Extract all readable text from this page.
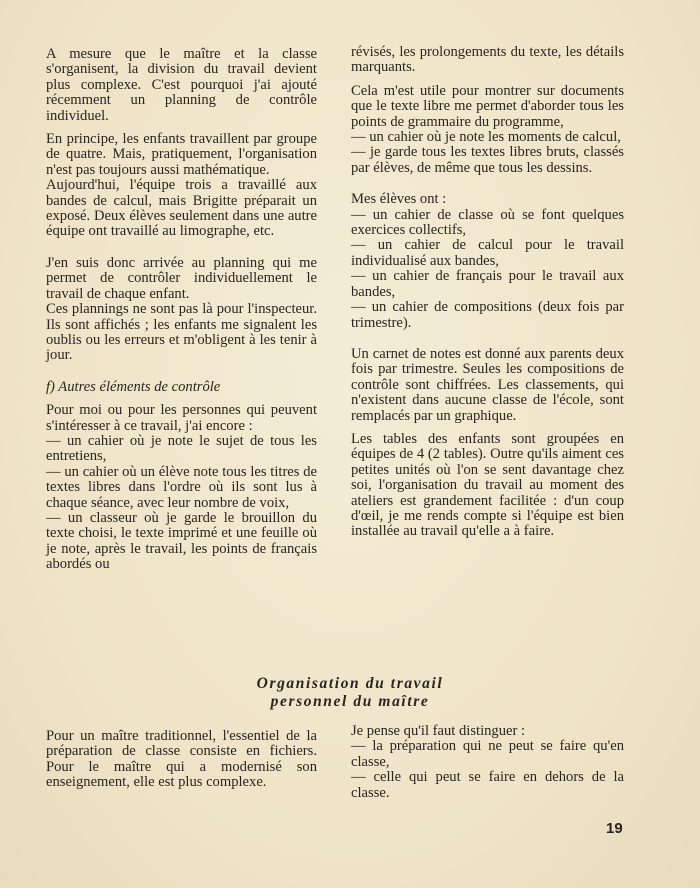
A mesure que le maître et la classe s'organisent, la division du travail devient plus complexe. C'est pourquoi j'ai ajouté récemment un planning de contrôle individuel.

En principe, les enfants travaillent par groupe de quatre. Mais, pratiquement, l'organisation n'est pas toujours aussi mathématique.

Aujourd'hui, l'équipe trois a travaillé aux bandes de calcul, mais Brigitte préparait un exposé. Deux élèves seulement dans une autre équipe ont travaillé au limographe, etc.

J'en suis donc arrivée au planning qui me permet de contrôler individuellement le travail de chaque enfant.

Ces plannings ne sont pas là pour l'inspecteur. Ils sont affichés ; les enfants me signalent les oublis ou les erreurs et m'obligent à les tenir à jour.

f) Autres éléments de contrôle

Pour moi ou pour les personnes qui peuvent s'intéresser à ce travail, j'ai encore :

— un cahier où je note le sujet de tous les entretiens,

— un cahier où un élève note tous les titres de textes libres dans l'ordre où ils sont lus à chaque séance, avec leur nombre de voix,

— un classeur où je garde le brouillon du texte choisi, le texte imprimé et une feuille où je note, après le travail, les points de français abordés ou

révisés, les prolongements du texte, les détails marquants.

Cela m'est utile pour montrer sur documents que le texte libre me permet d'aborder tous les points de grammaire du programme,

— un cahier où je note les moments de calcul,

— je garde tous les textes libres bruts, classés par élèves, de même que tous les dessins.

Mes élèves ont :

— un cahier de classe où se font quelques exercices collectifs,

— un cahier de calcul pour le travail individualisé aux bandes,

— un cahier de français pour le travail aux bandes,

— un cahier de compositions (deux fois par trimestre).

Un carnet de notes est donné aux parents deux fois par trimestre. Seules les compositions de contrôle sont chiffrées. Les classements, qui n'existent dans aucune classe de l'école, sont remplacés par un graphique.

Les tables des enfants sont groupées en équipes de 4 (2 tables). Outre qu'ils aiment ces petites unités où l'on se sent davantage chez soi, l'organisation du travail au moment des ateliers est grandement facilitée : d'un coup d'œil, je me rends compte si l'équipe est bien installée au travail qu'elle a à faire.

Organisation du travail
personnel du maître

Pour un maître traditionnel, l'essentiel de la préparation de classe consiste en fichiers. Pour le maître qui a modernisé son enseignement, elle est plus complexe.

Je pense qu'il faut distinguer :

— la préparation qui ne peut se faire qu'en classe,

— celle qui peut se faire en dehors de la classe.

19
